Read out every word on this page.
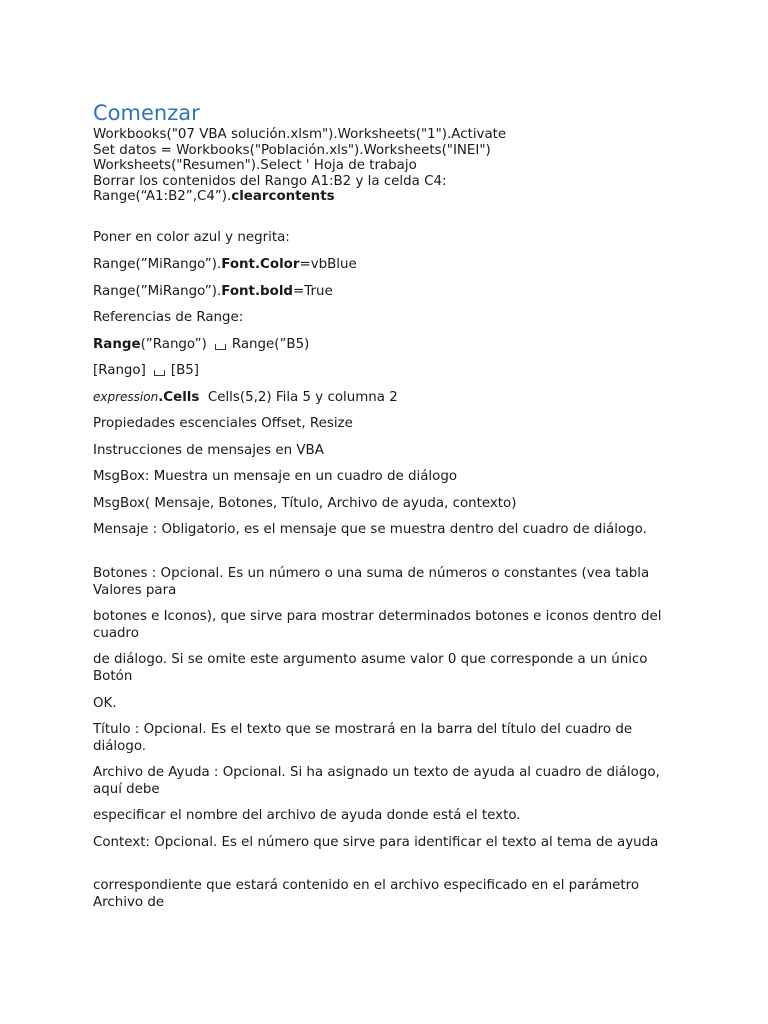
Comenzar
Workbooks("07 VBA solución.xlsm").Worksheets("1").Activate
Set datos = Workbooks("Población.xls").Worksheets("INEI")
Worksheets("Resumen").Select ' Hoja de trabajo
Borrar los contenidos del Rango A1:B2 y la celda C4:
Range(“A1:B2”,C4”).clearcontents

Poner en color azul y negrita:

Range(”MiRango”).Font.Color=vbBlue

Range(”MiRango”).Font.bold=True

Referencias de Range:

Range(”Rango”) Range(”B5)

[Rango] [B5]

expression.Cells Cells(5,2) Fila 5 y columna 2

Propiedades escenciales Offset, Resize

Instrucciones de mensajes en VBA

MsgBox: Muestra un mensaje en un cuadro de diálogo

MsgBox( Mensaje, Botones, Título, Archivo de ayuda, contexto)

Mensaje : Obligatorio, es el mensaje que se muestra dentro del cuadro de diálogo.

Botones : Opcional. Es un número o una suma de números o constantes (vea tabla Valores para

botones e Iconos), que sirve para mostrar determinados botones e iconos dentro del cuadro

de diálogo. Si se omite este argumento asume valor 0 que corresponde a un único Botón

OK.

Título : Opcional. Es el texto que se mostrará en la barra del título del cuadro de diálogo.

Archivo de Ayuda : Opcional. Si ha asignado un texto de ayuda al cuadro de diálogo, aquí debe

especificar el nombre del archivo de ayuda donde está el texto.

Context: Opcional. Es el número que sirve para identificar el texto al tema de ayuda

correspondiente que estará contenido en el archivo especificado en el parámetro Archivo de
